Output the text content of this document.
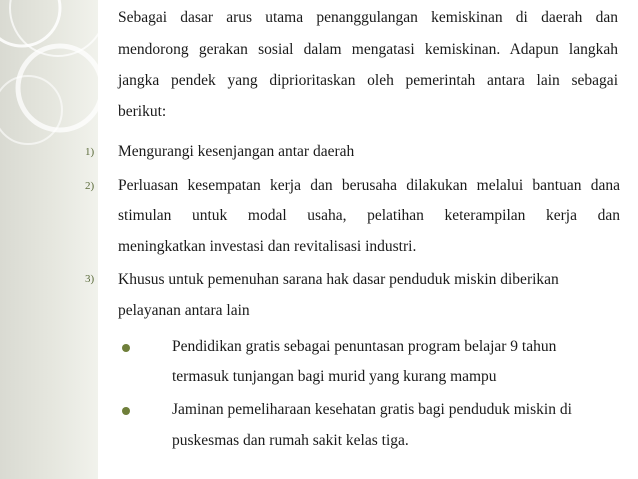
Sebagai dasar arus utama penanggulangan kemiskinan di daerah dan

mendorong gerakan sosial dalam mengatasi kemiskinan. Adapun langkah

jangka pendek yang diprioritaskan oleh pemerintah antara lain sebagai

berikut:

1) Mengurangi kesenjangan antar daerah

2) Perluasan kesempatan kerja dan berusaha dilakukan melalui bantuan dana

stimulan untuk modal usaha, pelatihan keterampilan kerja dan

meningkatkan investasi dan revitalisasi industri.

3) Khusus untuk pemenuhan sarana hak dasar penduduk miskin diberikan

pelayanan antara lain

Pendidikan gratis sebagai penuntasan program belajar 9 tahun

termasuk tunjangan bagi murid yang kurang mampu

Jaminan pemeliharaan kesehatan gratis bagi penduduk miskin di

puskesmas dan rumah sakit kelas tiga.
